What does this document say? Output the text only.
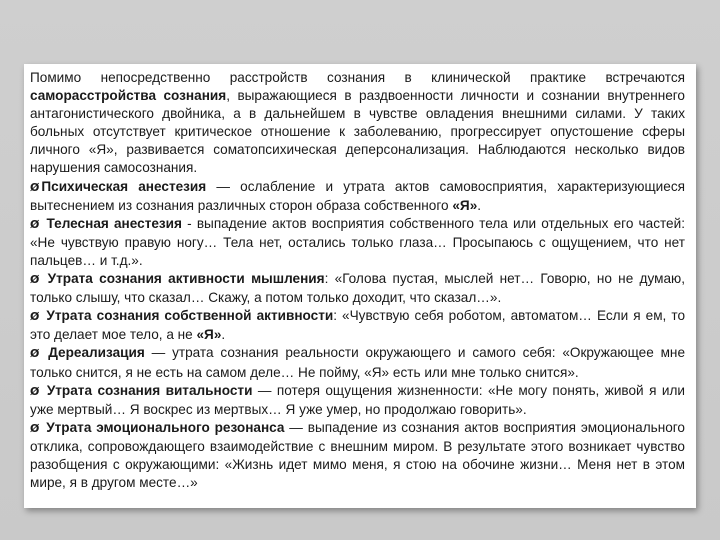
Помимо непосредственно расстройств сознания в клинической практике встречаются саморасстройства сознания, выражающиеся в раздвоенности личности и сознании внутреннего антагонистического двойника, а в дальнейшем в чувстве овладения внешними силами. У таких больных отсутствует критическое отношение к заболеванию, прогрессирует опустошение сферы личного «Я», развивается соматопсихическая деперсонализация. Наблюдаются несколько видов нарушения самосознания.

Ø Психическая анестезия — ослабление и утрата актов самовосприятия, характеризующиеся вытеснением из сознания различных сторон образа собственного «Я».

Ø Телесная анестезия - выпадение актов восприятия собственного тела или отдельных его частей: «Не чувствую правую ногу… Тела нет, остались только глаза… Просыпаюсь с ощущением, что нет пальцев… и т.д.».

Ø Утрата сознания активности мышления: «Голова пустая, мыслей нет… Говорю, но не думаю, только слышу, что сказал… Скажу, а потом только доходит, что сказал…».

Ø Утрата сознания собственной активности: «Чувствую себя роботом, автоматом… Если я ем, то это делает мое тело, а не «Я».

Ø Дереализация — утрата сознания реальности окружающего и самого себя: «Окружающее мне только снится, я не есть на самом деле… Не пойму, «Я» есть или мне только снится».

Ø Утрата сознания витальности — потеря ощущения жизненности: «Не могу понять, живой я или уже мертвый… Я воскрес из мертвых… Я уже умер, но продолжаю говорить».

Ø Утрата эмоционального резонанса — выпадение из сознания актов восприятия эмоционального отклика, сопровождающего взаимодействие с внешним миром. В результате этого возникает чувство разобщения с окружающими: «Жизнь идет мимо меня, я стою на обочине жизни… Меня нет в этом мире, я в другом месте…»
